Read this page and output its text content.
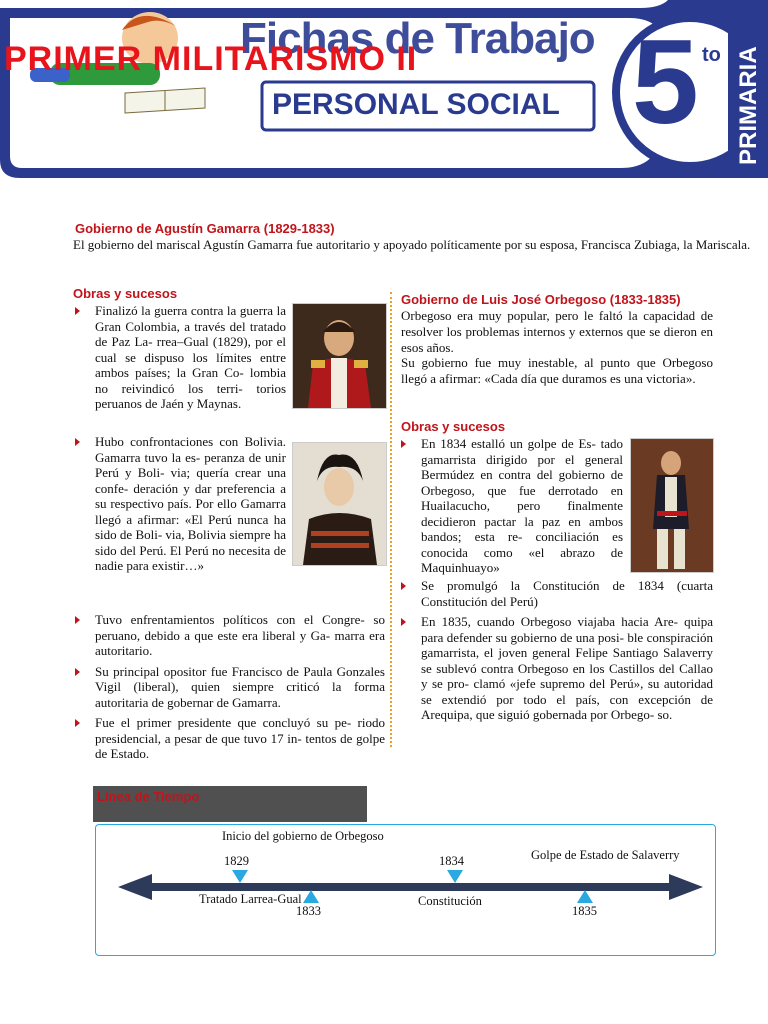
Fichas de Trabajo
PRIMER MILITARISMO II
PERSONAL SOCIAL 5 to PRIMARIA
Gobierno de Agustín Gamarra (1829-1833)
El gobierno del mariscal Agustín Gamarra fue autoritario y apoyado políticamente por su esposa, Francisca Zubiaga, la Mariscala.
Obras y sucesos
Finalizó la guerra contra la guerra la Gran Colombia, a través del tratado de Paz La- rrea‒Gual (1829), por el cual se dispuso los límites entre ambos países; la Gran Co- lombia no reivindicó los terri- torios peruanos de Jaén y Maynas.
Hubo confrontaciones con Bolivia. Gamarra tuvo la es- peranza de unir Perú y Boli- via; quería crear una confe- deración y dar preferencia a su respectivo país. Por ello Gamarra llegó a afirmar: «El Perú nunca ha sido de Boli- via, Bolivia siempre ha sido del Perú. El Perú no necesita de nadie para existir…»
Tuvo enfrentamientos políticos con el Congre- so peruano, debido a que este era liberal y Ga- marra era autoritario.
Su principal opositor fue Francisco de Paula Gonzales Vigil (liberal), quien siempre criticó la forma autoritaria de gobernar de Gamarra.
Fue el primer presidente que concluyó su pe- riodo presidencial, a pesar de que tuvo 17 in- tentos de golpe de Estado.
Gobierno de Luis José Orbegoso (1833-1835)
Orbegoso era muy popular, pero le faltó la capacidad de resolver los problemas internos y externos que se dieron en esos años.
Su gobierno fue muy inestable, al punto que Orbegoso llegó a afirmar: «Cada día que duramos es una victoria».
Obras y sucesos
En 1834 estalló un golpe de Es- tado gamarrista dirigido por el general Bermúdez en contra del gobierno de Orbegoso, que fue derrotado en Huailacucho, pero finalmente decidieron pactar la paz en ambos bandos; esta re- conciliación es conocida como «el abrazo de Maquinhuayo»
Se promulgó la Constitución de 1834 (cuarta Constitución del Perú)
En 1835, cuando Orbegoso viajaba hacia Are- quipa para defender su gobierno de una posi- ble conspiración gamarrista, el joven general Felipe Santiago Salaverry se sublevó contra Orbegoso en los Castillos del Callao y se pro- clamó «jefe supremo del Perú», su autoridad se extendió por todo el país, con excepción de Arequipa, que siguió gobernada por Orbego- so.
Línea de Tiempo
Inicio del gobierno de Orbegoso
Golpe de Estado de Salaverry
1829	1834
Tratado Larrea-Gual
1833
Constitución
1835
